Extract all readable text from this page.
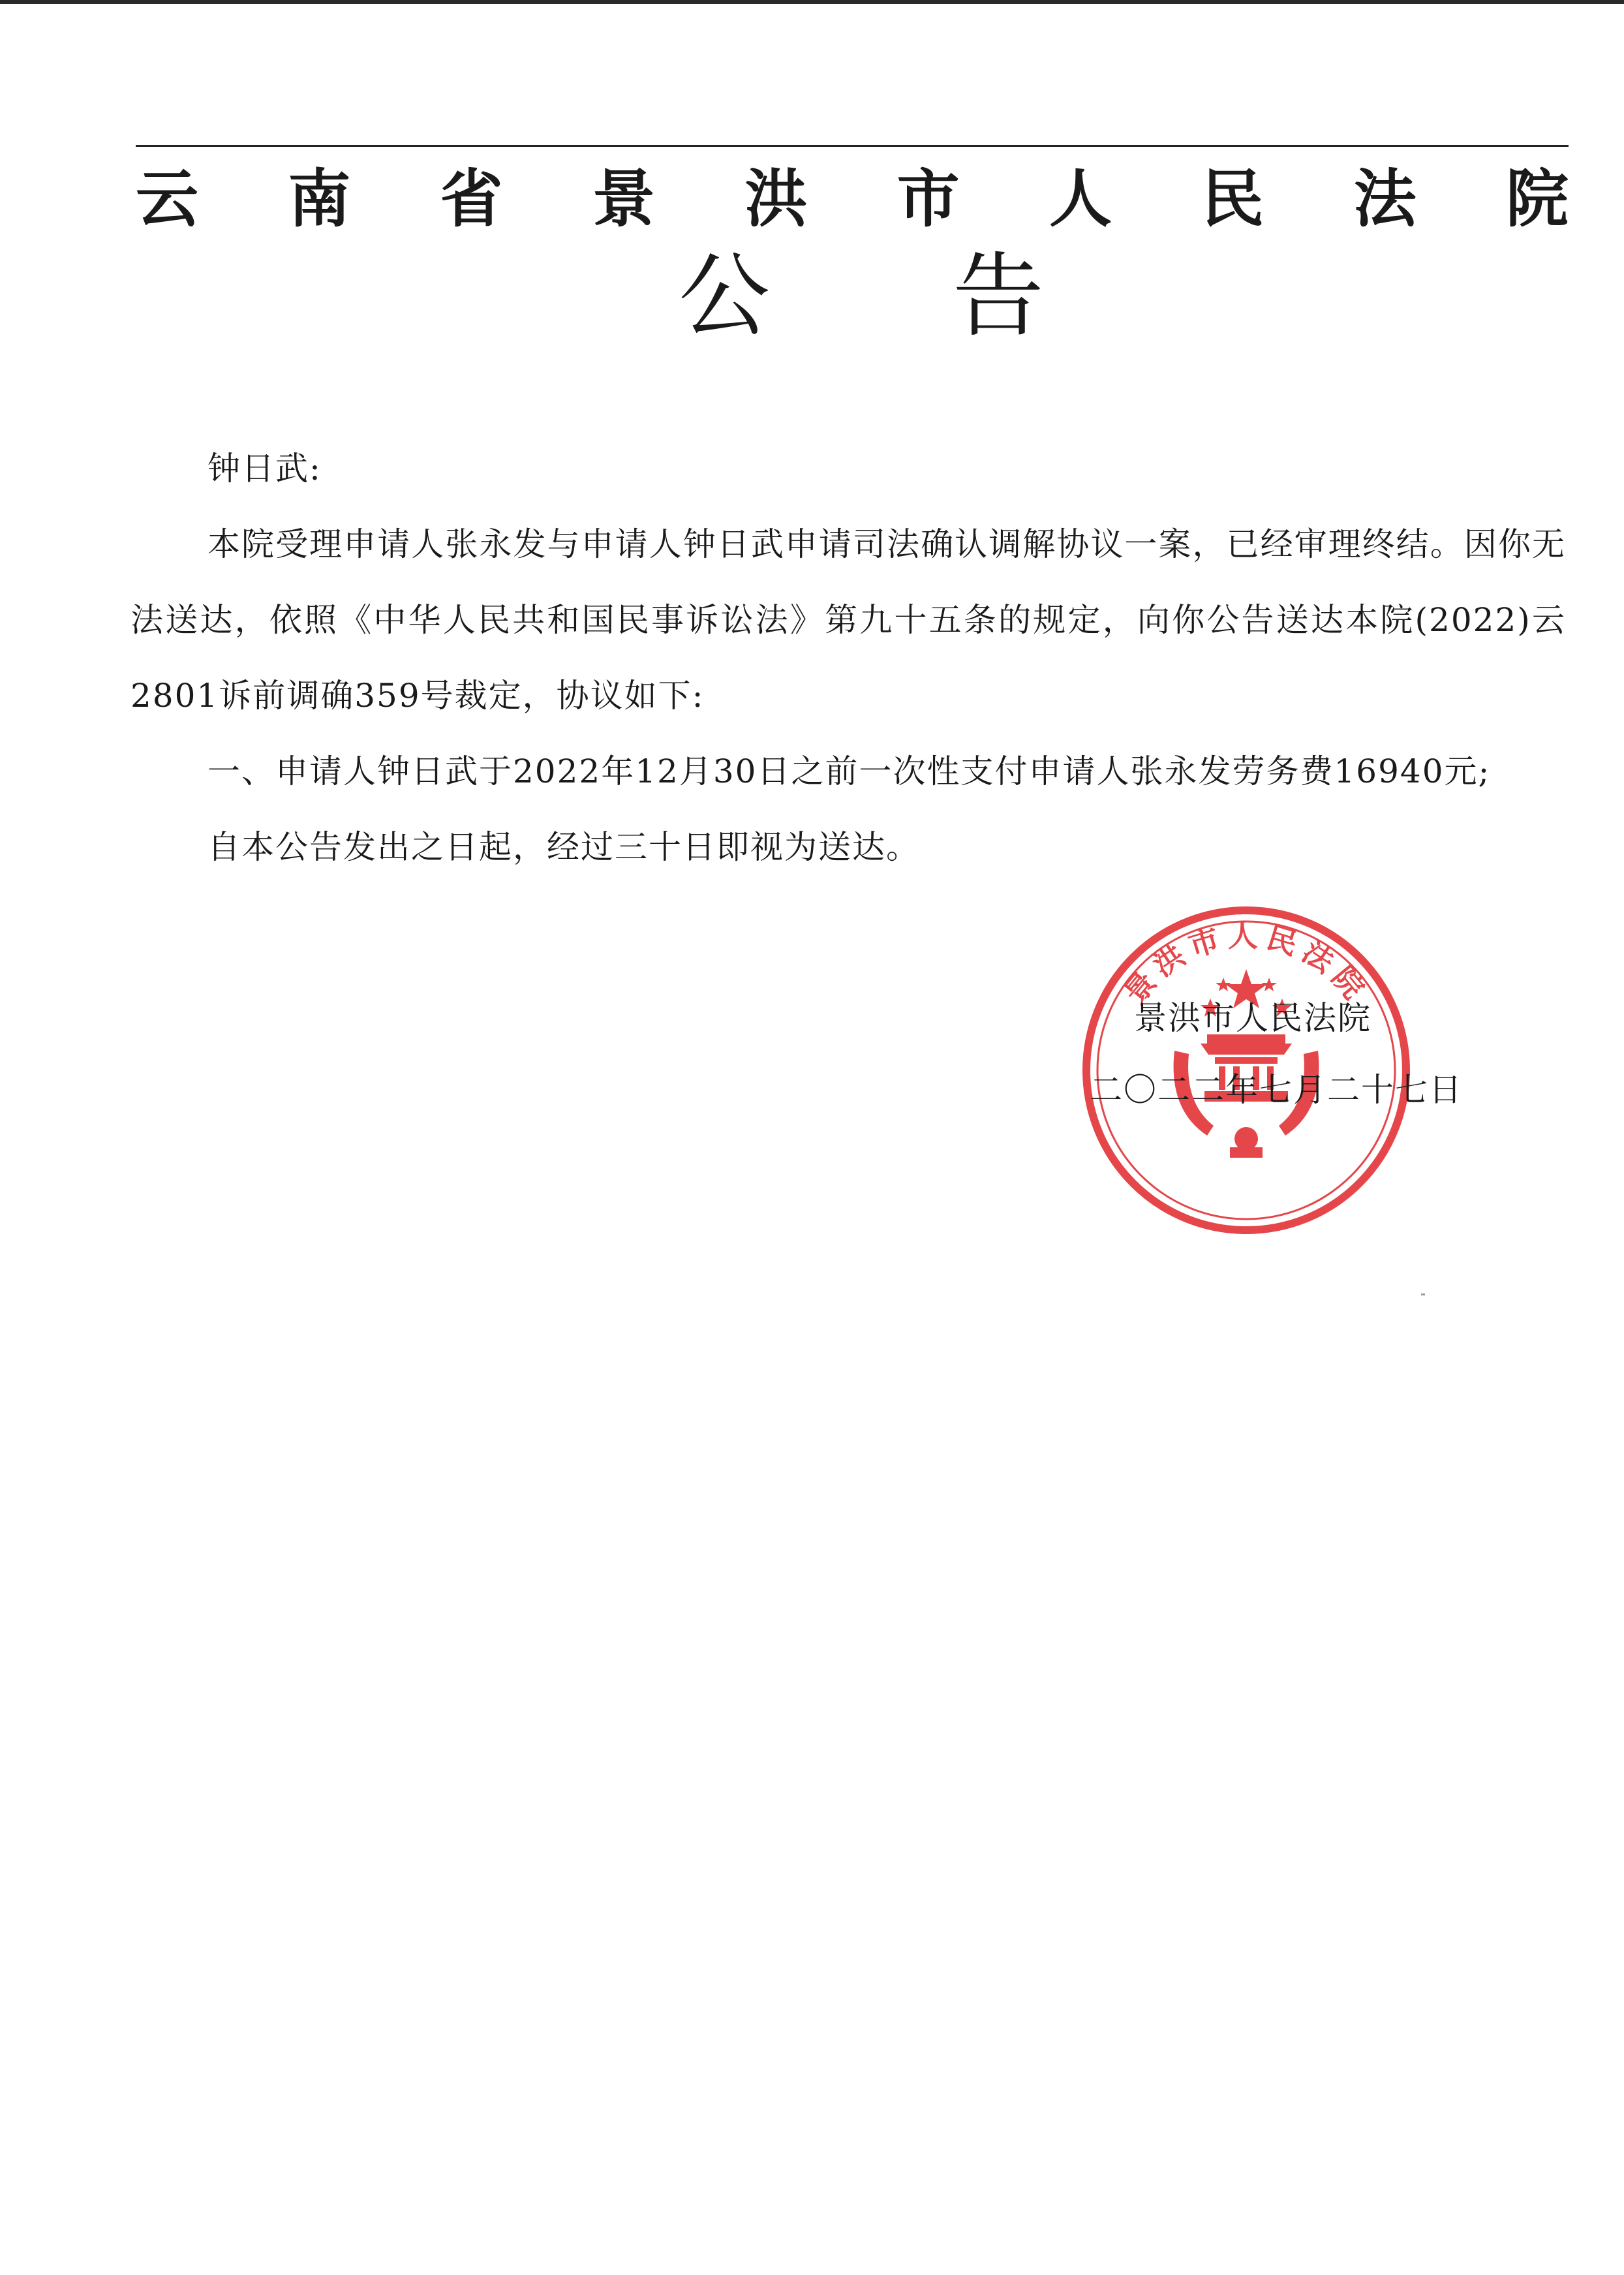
云 南 省 景 洪 市 人 民 法 院
公 告

钟日武:

本院受理申请人张永发与申请人钟日武申请司法确认调解协议一案，已经审理终结。因你无法送达，依照《中华人民共和国民事诉讼法》第九十五条的规定，向你公告送达本院(2022)云2801诉前调确359号裁定，协议如下:

一、申请人钟日武于2022年12月30日之前一次性支付申请人张永发劳务费16940元;

自本公告发出之日起，经过三十日即视为送达。

景洪市人民法院
景洪市人民法院
二〇二二年七月二十七日
